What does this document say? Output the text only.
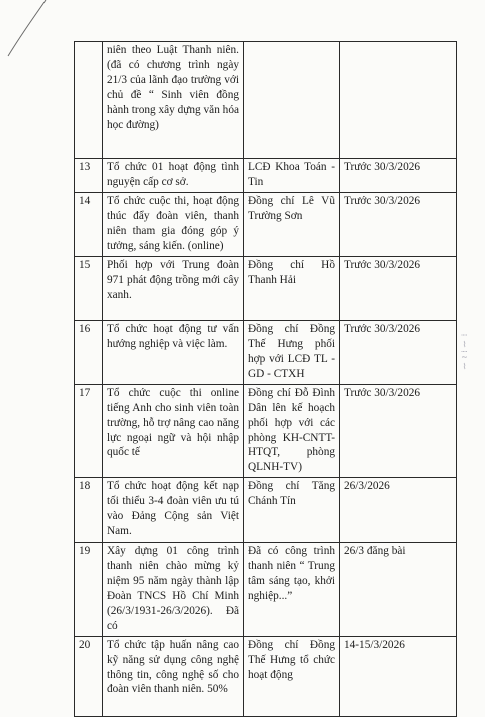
⌇ ≀ ⁞ ⌇ ⁞
	niên theo Luật Thanh niên. (đã có chương trình ngày 21/3 của lãnh đạo trường với chủ đề “ Sinh viên đồng hành trong xây dựng văn hóa học đường)		
13	Tổ chức 01 hoạt động tình nguyện cấp cơ sở.	LCĐ Khoa Toán - Tin	Trước 30/3/2026
14	Tổ chức cuộc thi, hoạt động thúc đẩy đoàn viên, thanh niên tham gia đóng góp ý tưởng, sáng kiến. (online)	Đồng chí Lê Vũ Trường Sơn	Trước 30/3/2026
15	Phối hợp với Trung đoàn 971 phát động trồng mới cây xanh.	Đồng chí Hồ Thanh Hải	Trước 30/3/2026
16	Tổ chức hoạt động tư vấn hướng nghiệp và việc làm.	Đồng chí Đồng Thế Hưng phối hợp với LCĐ TL - GD - CTXH	Trước 30/3/2026
17	Tổ chức cuộc thi online tiếng Anh cho sinh viên toàn trường, hỗ trợ nâng cao năng lực ngoại ngữ và hội nhập quốc tế	Đồng chí Đỗ Đình Dân lên kế hoạch phối hợp với các phòng KH-CNTT-HTQT, phòng QLNH-TV)	Trước 30/3/2026
18	Tổ chức hoạt động kết nạp tối thiểu 3-4 đoàn viên ưu tú vào Đảng Cộng sản Việt Nam.	Đồng chí Tăng Chánh Tín	26/3/2026
19	Xây dựng 01 công trình thanh niên chào mừng kỷ niệm 95 năm ngày thành lập Đoàn TNCS Hồ Chí Minh (26/3/1931-26/3/2026). Đã có	Đã có công trình thanh niên “ Trung tâm sáng tạo, khởi nghiệp...”	26/3 đăng bài
20	Tổ chức tập huấn nâng cao kỹ năng sử dụng công nghệ thông tin, công nghệ số cho đoàn viên thanh niên. 50%	Đồng chí Đồng Thế Hưng tổ chức hoạt động	14-15/3/2026
